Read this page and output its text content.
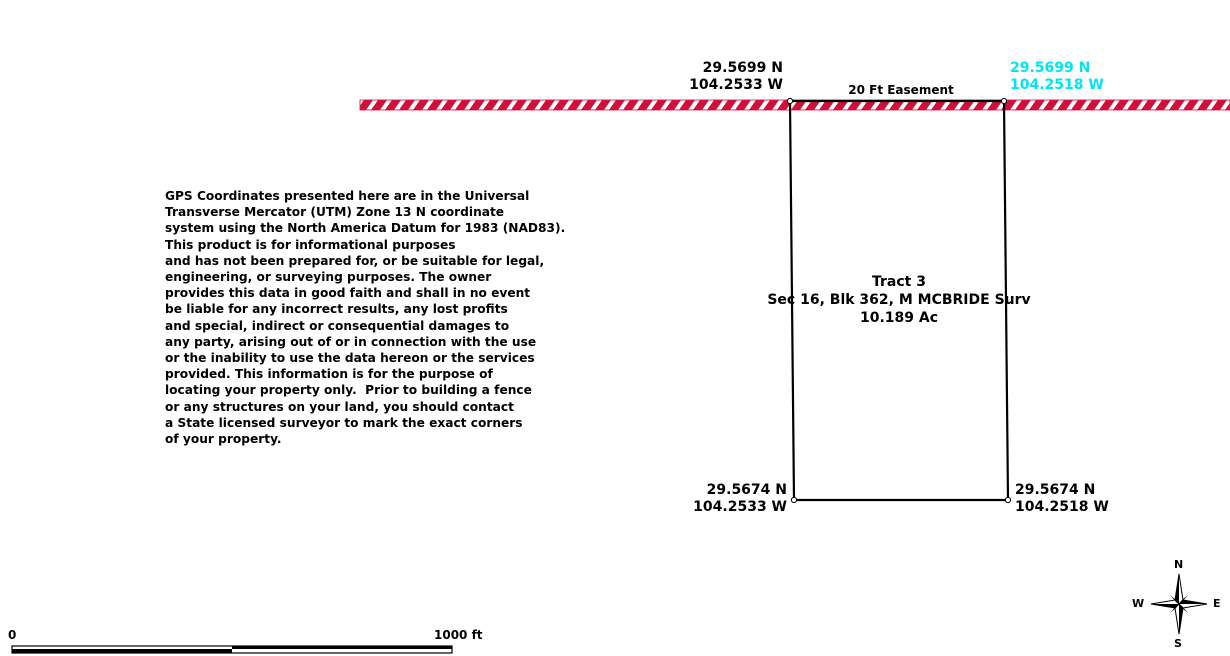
29.5699 N
104.2533 W
29.5699 N
104.2518 W
29.5674 N
104.2533 W
29.5674 N
104.2518 W
20 Ft Easement
Tract 3
Sec 16, Blk 362, M MCBRIDE Surv
10.189 Ac
GPS Coordinates presented here are in the Universal
Transverse Mercator (UTM) Zone 13 N coordinate
system using the North America Datum for 1983 (NAD83).
This product is for informational purposes
and has not been prepared for, or be suitable for legal,
engineering, or surveying purposes. The owner
provides this data in good faith and shall in no event
be liable for any incorrect results, any lost profits
and special, indirect or consequential damages to
any party, arising out of or in connection with the use
or the inability to use the data hereon or the services
provided. This information is for the purpose of
locating your property only.  Prior to building a fence
or any structures on your land, you should contact
a State licensed surveyor to mark the exact corners
of your property.
N
S
W	E
0	1000 ft
